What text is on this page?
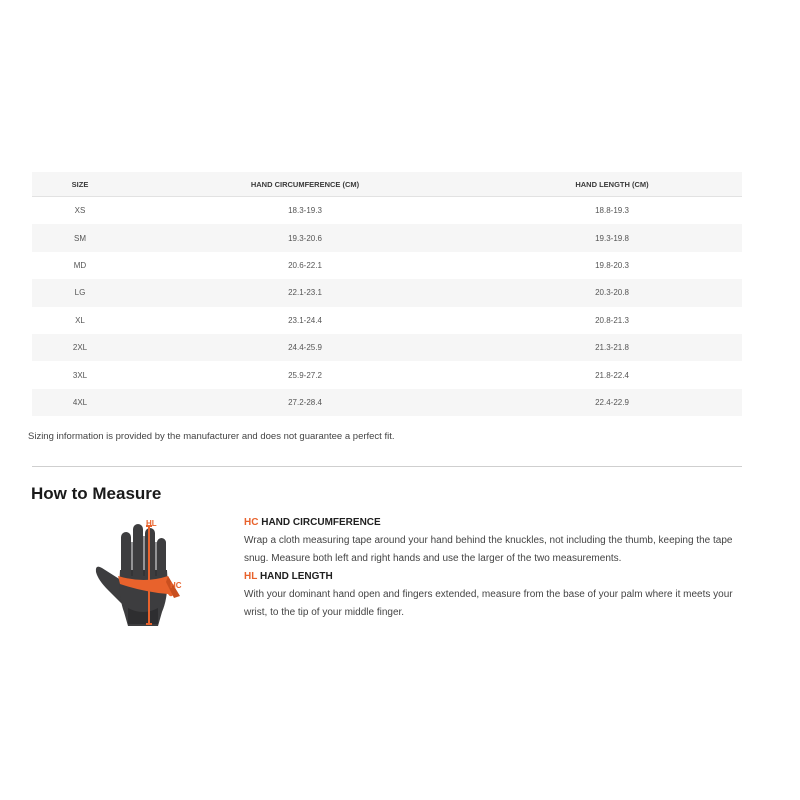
SIZE	HAND CIRCUMFERENCE (CM)	HAND LENGTH (CM)
XS	18.3-19.3	18.8-19.3
SM	19.3-20.6	19.3-19.8
MD	20.6-22.1	19.8-20.3
LG	22.1-23.1	20.3-20.8
XL	23.1-24.4	20.8-21.3
2XL	24.4-25.9	21.3-21.8
3XL	25.9-27.2	21.8-22.4
4XL	27.2-28.4	22.4-22.9

Sizing information is provided by the manufacturer and does not guarantee a perfect fit.

How to Measure
HL
HC

HC HAND CIRCUMFERENCE

Wrap a cloth measuring tape around your hand behind the knuckles, not including the thumb, keeping the tape snug. Measure both left and right hands and use the larger of the two measurements.

HL HAND LENGTH

With your dominant hand open and fingers extended, measure from the base of your palm where it meets your wrist, to the tip of your middle finger.
